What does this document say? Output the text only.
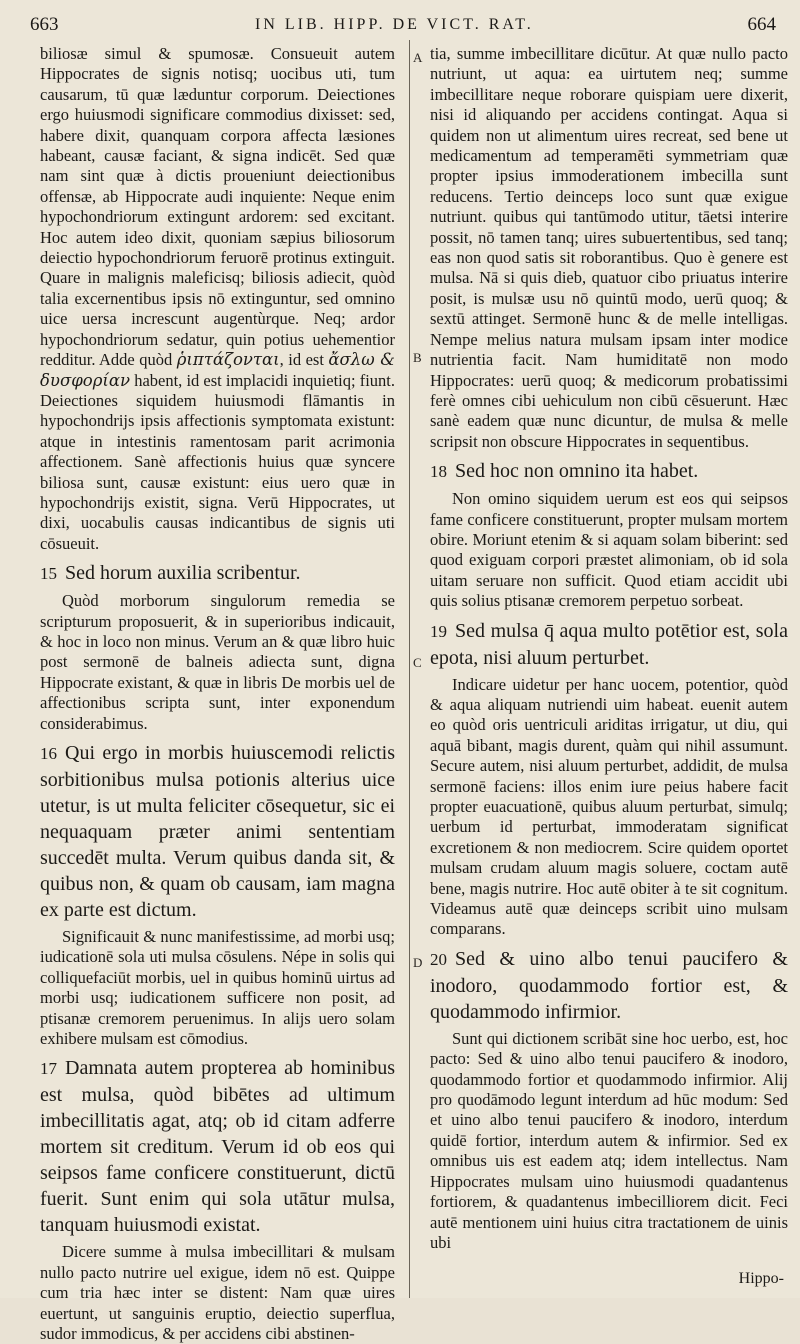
663	IN LIB. HIPP. DE VICT. RAT.	664
A
B
C
D

biliosæ simul & spumosæ. Consueuit autem Hippocrates de signis notisq; uocibus uti, tum causarum, tū quæ læduntur corporum. Deiectiones ergo huiusmodi significare commodius dixisset: sed, habere dixit, quanquam corpora affecta læsiones habeant, causæ faciant, & signa indicēt. Sed quæ nam sint quæ à dictis proueniunt deiectionibus offensæ, ab Hippocrate audi inquiente: Neque enim hypochondriorum extingunt ardorem: sed excitant. Hoc autem ideo dixit, quoniam sæpius biliosorum deiectio hypochondriorum feruorē protinus extinguit. Quare in malignis maleficisq; biliosis adiecit, quòd talia excernentibus ipsis nō extinguntur, sed omnino uice uersa increscunt augentùrque. Neq; ardor hypochondriorum sedatur, quin potius uehementior redditur. Adde quòd ῥιπτάζονται, id est ἄσλω & δυσφορίαν habent, id est implacidi inquietiq; fiunt. Deiectiones siquidem huiusmodi flāmantis in hypochondrijs ipsis affectionis symptomata existunt: atque in intestinis ramentosam parit acrimonia affectionem. Sanè affectionis huius quæ syncere biliosa sunt, causæ existunt: eius uero quæ in hypochondrijs existit, signa. Verū Hippocrates, ut dixi, uocabulis causas indicantibus de signis uti cōsueuit.

15 Sed horum auxilia scribentur.

Quòd morborum singulorum remedia se scripturum proposuerit, & in superioribus indicauit, & hoc in loco non minus. Verum an & quæ libro huic post sermonē de balneis adiecta sunt, digna Hippocrate existant, & quæ in libris De morbis uel de affectionibus scripta sunt, inter exponendum considerabimus.

16 Qui ergo in morbis huiuscemodi relictis sorbitionibus mulsa potionis alterius uice utetur, is ut multa feliciter cōsequetur, sic ei nequaquam præter animi sententiam succedēt multa. Verum quibus danda sit, & quibus non, & quam ob causam, iam magna ex parte est dictum.

Significauit & nunc manifestissime, ad morbi usq; iudicationē sola uti mulsa cōsulens. Népe in solis qui colliquefaciūt morbis, uel in quibus hominū uirtus ad morbi usq; iudicationem sufficere non posit, ad ptisanæ cremorem peruenimus. In alijs uero solam exhibere mulsam est cōmodius.

17 Damnata autem propterea ab hominibus est mulsa, quòd bibētes ad ultimum imbecillitatis agat, atq; ob id citam adferre mortem sit creditum. Verum id ob eos qui seipsos fame conficere constituerunt, dictū fuerit. Sunt enim qui sola utātur mulsa, tanquam huiusmodi existat.

Dicere summe à mulsa imbecillitari & mulsam nullo pacto nutrire uel exigue, idem nō est. Quippe cum tria hæc inter se distent: Nam quæ uires euertunt, ut sanguinis eruptio, deiectio superflua, sudor immodicus, & per accidens cibi abstinen-

tia, summe imbecillitare dicūtur. At quæ nullo pacto nutriunt, ut aqua: ea uirtutem neq; summe imbecillitare neque roborare quispiam uere dixerit, nisi id aliquando per accidens contingat. Aqua si quidem non ut alimentum uires recreat, sed bene ut medicamentum ad temperamēti symmetriam quæ propter ipsius immoderationem imbecilla sunt reducens. Tertio deinceps loco sunt quæ exigue nutriunt. quibus qui tantūmodo utitur, tāetsi interire possit, nō tamen tanq; uires subuertentibus, sed tanq; eas non quod satis sit roborantibus. Quo è genere est mulsa. Nā si quis dieb, quatuor cibo priuatus interire posit, is mulsæ usu nō quintū modo, uerū quoq; & sextū attinget. Sermonē hunc & de melle intelligas. Nempe melius natura mulsam ipsam inter modice nutrientia facit. Nam humiditatē non modo Hippocrates: uerū quoq; & medicorum probatissimi ferè omnes cibi uehiculum non cibū cēsuerunt. Hæc sanè eadem quæ nunc dicuntur, de mulsa & melle scripsit non obscure Hippocrates in sequentibus.

18 Sed hoc non omnino ita habet.

Non omino siquidem uerum est eos qui seipsos fame conficere constituerunt, propter mulsam mortem obire. Moriunt etenim & si aquam solam biberint: sed quod exiguam corpori præstet alimoniam, ob id sola uitam seruare non sufficit. Quod etiam accidit ubi quis solius ptisanæ cremorem perpetuo sorbeat.

19 Sed mulsa q̄ aqua multo potētior est, sola epota, nisi aluum perturbet.

Indicare uidetur per hanc uocem, potentior, quòd & aqua aliquam nutriendi uim habeat. euenit autem eo quòd oris uentriculi ariditas irrigatur, ut diu, qui aquā bibant, magis durent, quàm qui nihil assumunt. Secure autem, nisi aluum perturbet, addidit, de mulsa sermonē faciens: illos enim iure peius habere facit propter euacuationē, quibus aluum perturbat, simulq; uerbum id perturbat, immoderatam significat excretionem & non mediocrem. Scire quidem oportet mulsam crudam aluum magis soluere, coctam autē bene, magis nutrire. Hoc autē obiter à te sit cognitum. Videamus autē quæ deinceps scribit uino mulsam comparans.

20 Sed & uino albo tenui paucifero & inodoro, quodammodo fortior est, & quodammodo infirmior.

Sunt qui dictionem scribāt sine hoc uerbo, est, hoc pacto: Sed & uino albo tenui paucifero & inodoro, quodammodo fortior et quodammodo infirmior. Alij pro quodāmodo legunt interdum ad hūc modum: Sed et uino albo tenui paucifero & inodoro, interdum quidē fortior, interdum autem & infirmior. Sed ex omnibus uis est eadem atq; idem intellectus. Nam Hippocrates mulsam uino huiusmodi quadantenus fortiorem, & quadantenus imbecilliorem dicit. Feci autē mentionem uini huius citra tractationem de uinis ubi

Hippo-
